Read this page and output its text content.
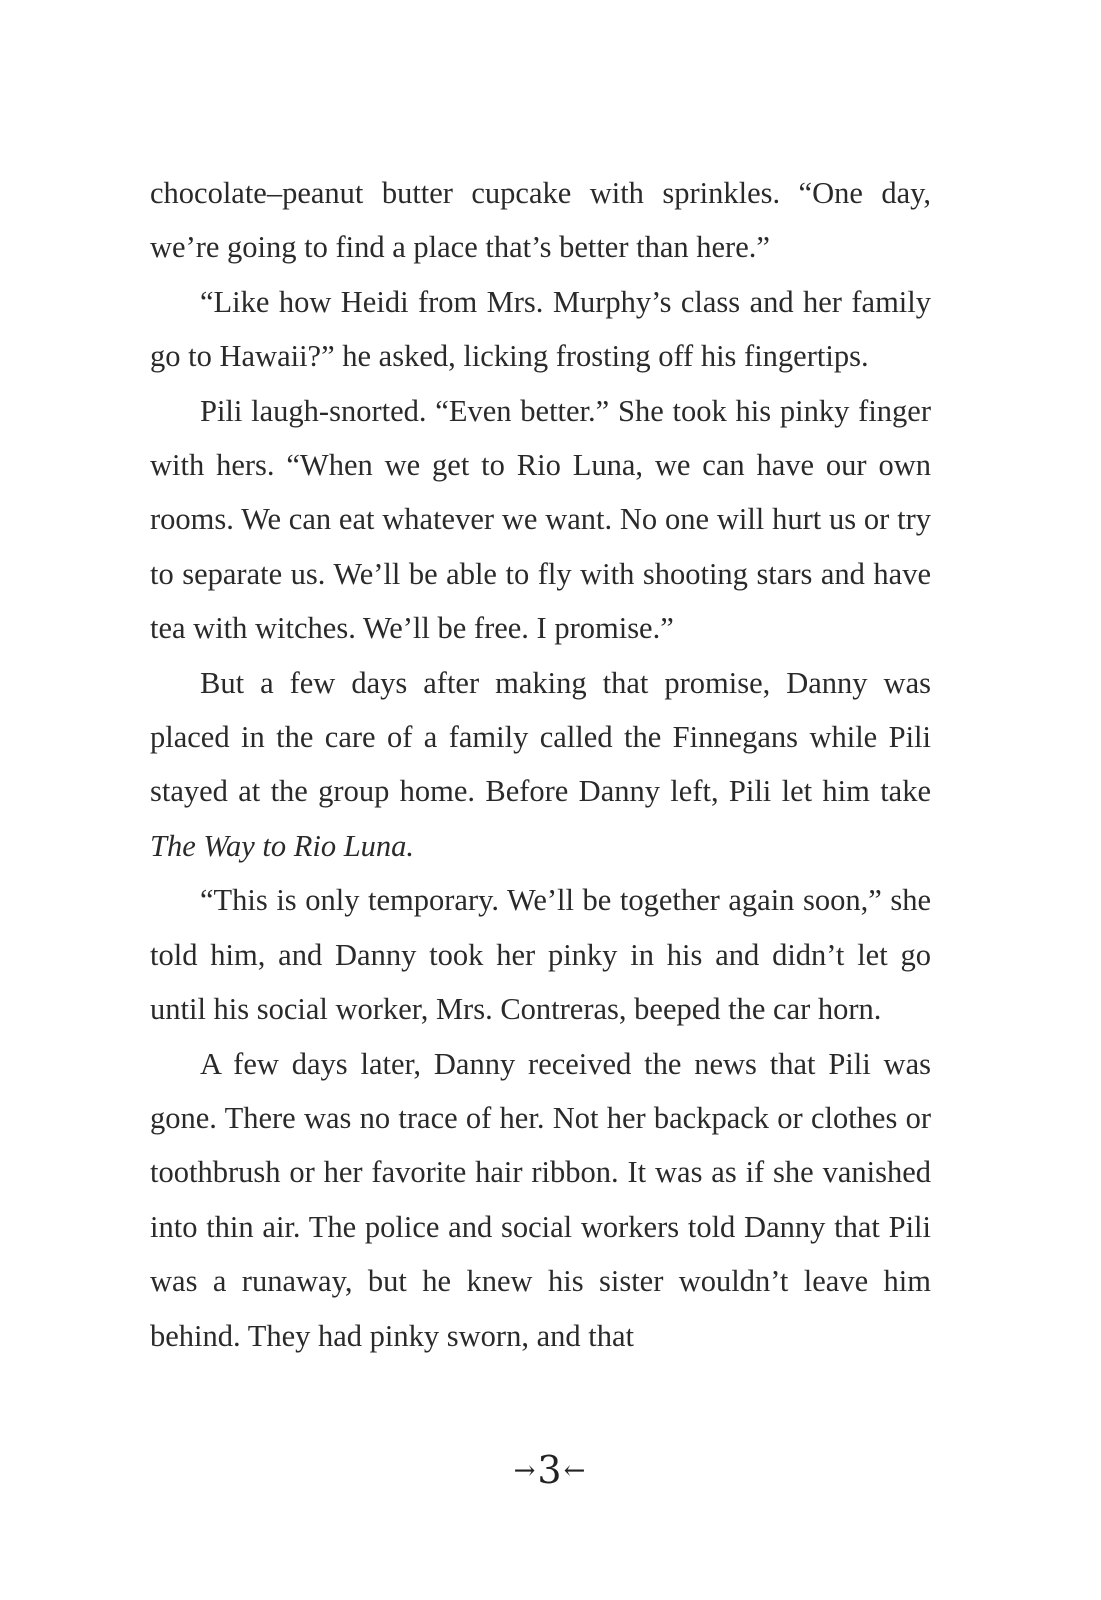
chocolate–peanut butter cupcake with sprinkles. “One day, we’re going to find a place that’s better than here.”

“Like how Heidi from Mrs. Murphy’s class and her family go to Hawaii?” he asked, licking frosting off his fingertips.

Pili laugh-snorted. “Even better.” She took his pinky finger with hers. “When we get to Rio Luna, we can have our own rooms. We can eat whatever we want. No one will hurt us or try to separate us. We’ll be able to fly with shooting stars and have tea with witches. We’ll be free. I promise.”

But a few days after making that promise, Danny was placed in the care of a family called the Finnegans while Pili stayed at the group home. Before Danny left, Pili let him take The Way to Rio Luna.

“This is only temporary. We’ll be together again soon,” she told him, and Danny took her pinky in his and didn’t let go until his social worker, Mrs. Contreras, beeped the car horn.

A few days later, Danny received the news that Pili was gone. There was no trace of her. Not her backpack or clothes or toothbrush or her favorite hair ribbon. It was as if she vanished into thin air. The police and social workers told Danny that Pili was a runaway, but he knew his sister wouldn’t leave him behind. They had pinky sworn, and that

→3←
